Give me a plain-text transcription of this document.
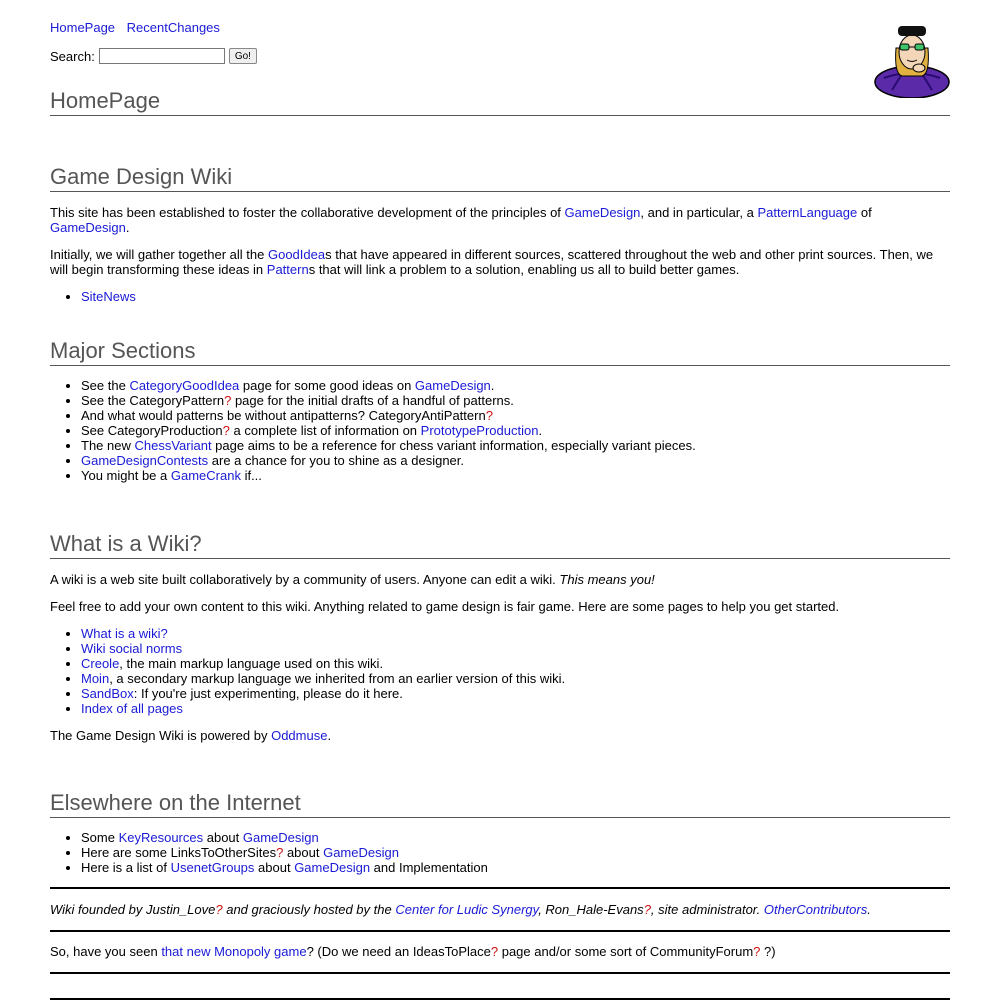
HomePage RecentChanges
Search:	Go!
HomePage
Game Design Wiki

This site has been established to foster the collaborative development of the principles of GameDesign, and in particular, a PatternLanguage of GameDesign.

Initially, we will gather together all the GoodIdeas that have appeared in different sources, scattered throughout the web and other print sources. Then, we will begin transforming these ideas in Patterns that will link a problem to a solution, enabling us all to build better games.

• SiteNews
Major Sections
• See the CategoryGoodIdea page for some good ideas on GameDesign.
• See the CategoryPattern? page for the initial drafts of a handful of patterns.
• And what would patterns be without antipatterns? CategoryAntiPattern?
• See CategoryProduction? a complete list of information on PrototypeProduction.
• The new ChessVariant page aims to be a reference for chess variant information, especially variant pieces.
• GameDesignContests are a chance for you to shine as a designer.
• You might be a GameCrank if...
What is a Wiki?

A wiki is a web site built collaboratively by a community of users. Anyone can edit a wiki. This means you!

Feel free to add your own content to this wiki. Anything related to game design is fair game. Here are some pages to help you get started.

• What is a wiki?
• Wiki social norms
• Creole, the main markup language used on this wiki.
• Moin, a secondary markup language we inherited from an earlier version of this wiki.
• SandBox: If you're just experimenting, please do it here.
• Index of all pages

The Game Design Wiki is powered by Oddmuse.

Elsewhere on the Internet
• Some KeyResources about GameDesign
• Here are some LinksToOtherSites? about GameDesign
• Here is a list of UsenetGroups about GameDesign and Implementation

Wiki founded by Justin_Love? and graciously hosted by the Center for Ludic Synergy, Ron_Hale-Evans?, site administrator. OtherContributors.

So, have you seen that new Monopoly game? (Do we need an IdeasToPlace? page and/or some sort of CommunityForum? ?)
